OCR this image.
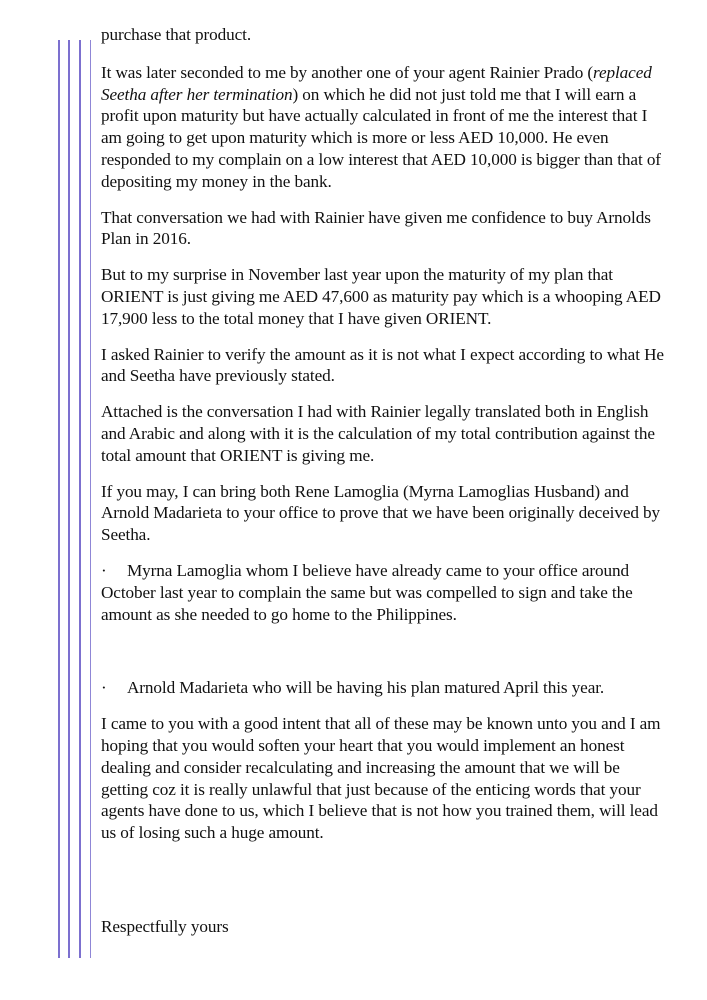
purchase that product.

It was later seconded to me by another one of your agent Rainier Prado (replaced Seetha after her termination) on which he did not just told me that I will earn a profit upon maturity but have actually calculated in front of me the interest that I am going to get upon maturity which is more or less AED 10,000. He even responded to my complain on a low interest that AED 10,000 is bigger than that of depositing my money in the bank.

That conversation we had with Rainier have given me confidence to buy Arnolds Plan in 2016.

But to my surprise in November last year upon the maturity of my plan that ORIENT is just giving me AED 47,600 as maturity pay which is a whooping AED 17,900 less to the total money that I have given ORIENT.

I asked Rainier to verify the amount as it is not what I expect according to what He and Seetha have previously stated.

Attached is the conversation I had with Rainier legally translated both in English and Arabic and along with it is the calculation of my total contribution against the total amount that ORIENT is giving me.

If you may, I can bring both Rene Lamoglia (Myrna Lamoglias Husband) and Arnold Madarieta to your office to prove that we have been originally deceived by Seetha.

· Myrna Lamoglia whom I believe have already came to your office around October last year to complain the same but was compelled to sign and take the amount as she needed to go home to the Philippines.

· Arnold Madarieta who will be having his plan matured April this year.

I came to you with a good intent that all of these may be known unto you and I am hoping that you would soften your heart that you would implement an honest dealing and consider recalculating and increasing the amount that we will be getting coz it is really unlawful that just because of the enticing words that your agents have done to us, which I believe that is not how you trained them, will lead us of losing such a huge amount.

Respectfully yours
